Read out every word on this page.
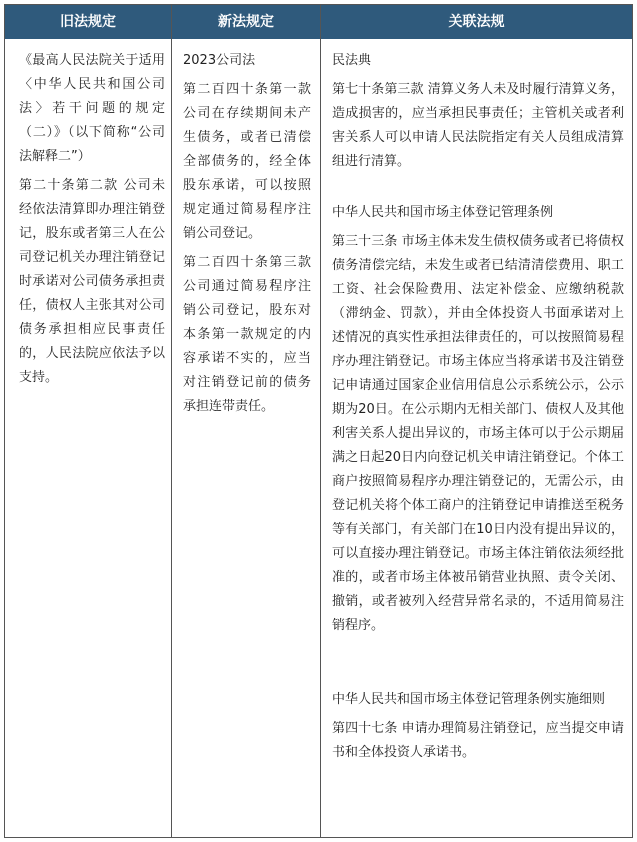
旧法规定	新法规定	关联法规

《最高人民法院关于适用〈中华人民共和国公司法〉若干问题的规定（二）》（以下简称“公司法解释二”）

第二十条第二款 公司未经依法清算即办理注销登记，股东或者第三人在公司登记机关办理注销登记时承诺对公司债务承担责任，债权人主张其对公司债务承担相应民事责任的，人民法院应依法予以支持。

2023公司法

第二百四十条第一款 公司在存续期间未产生债务，或者已清偿全部债务的，经全体股东承诺，可以按照规定通过简易程序注销公司登记。

第二百四十条第三款 公司通过简易程序注销公司登记，股东对本条第一款规定的内容承诺不实的，应当对注销登记前的债务承担连带责任。

民法典

第七十条第三款 清算义务人未及时履行清算义务，造成损害的，应当承担民事责任；主管机关或者利害关系人可以申请人民法院指定有关人员组成清算组进行清算。

中华人民共和国市场主体登记管理条例

第三十三条 市场主体未发生债权债务或者已将债权债务清偿完结，未发生或者已结清清偿费用、职工工资、社会保险费用、法定补偿金、应缴纳税款（滞纳金、罚款），并由全体投资人书面承诺对上述情况的真实性承担法律责任的，可以按照简易程序办理注销登记。市场主体应当将承诺书及注销登记申请通过国家企业信用信息公示系统公示，公示期为20日。在公示期内无相关部门、债权人及其他利害关系人提出异议的，市场主体可以于公示期届满之日起20日内向登记机关申请注销登记。个体工商户按照简易程序办理注销登记的，无需公示，由登记机关将个体工商户的注销登记申请推送至税务等有关部门，有关部门在10日内没有提出异议的，可以直接办理注销登记。市场主体注销依法须经批准的，或者市场主体被吊销营业执照、责令关闭、撤销，或者被列入经营异常名录的，不适用简易注销程序。

中华人民共和国市场主体登记管理条例实施细则

第四十七条 申请办理简易注销登记，应当提交申请书和全体投资人承诺书。
